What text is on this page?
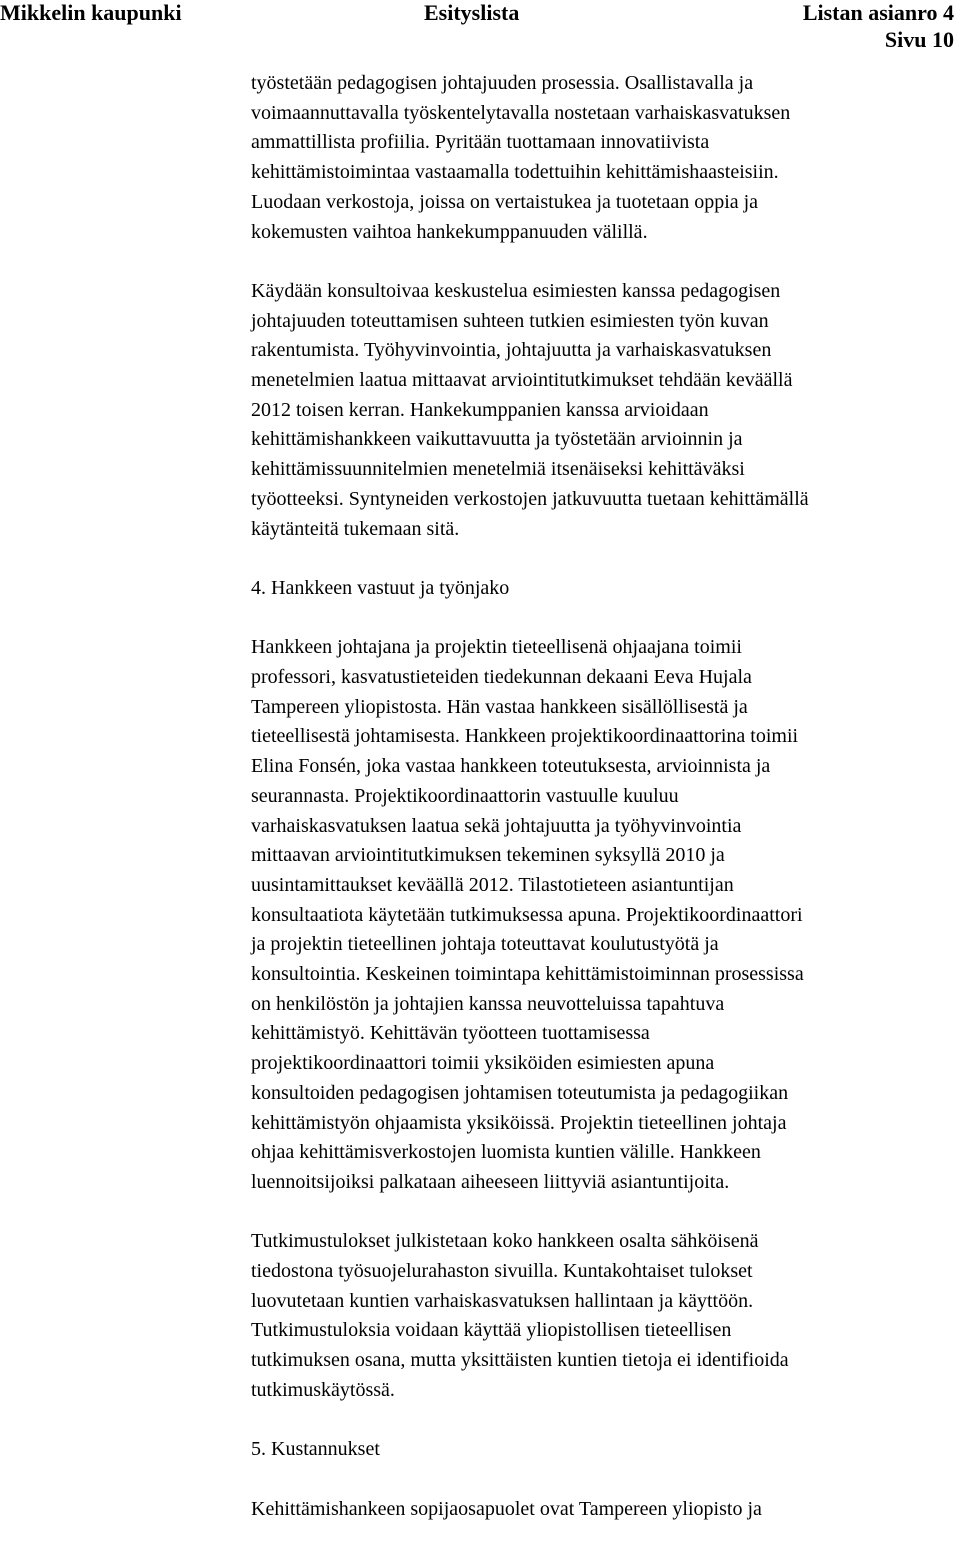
Mikkelin kaupunki	Esityslista	Listan asianro 4
Sivu 10
työstetään pedagogisen johtajuuden prosessia. Osallistavalla ja
voimaannuttavalla työskentelytavalla nostetaan varhaiskasvatuksen
ammattillista profiilia. Pyritään tuottamaan innovatiivista
kehittämistoimintaa vastaamalla todettuihin kehittämishaasteisiin.
Luodaan verkostoja, joissa on vertaistukea ja tuotetaan oppia ja
kokemusten vaihtoa hankekumppanuuden välillä.
Käydään konsultoivaa keskustelua esimiesten kanssa pedagogisen
johtajuuden toteuttamisen suhteen tutkien esimiesten työn kuvan
rakentumista. Työhyvinvointia, johtajuutta ja varhaiskasvatuksen
menetelmien laatua mittaavat arviointitutkimukset tehdään keväällä
2012 toisen kerran. Hankekumppanien kanssa arvioidaan
kehittämishankkeen vaikuttavuutta ja työstetään arvioinnin ja
kehittämissuunnitelmien menetelmiä itsenäiseksi kehittäväksi
työotteeksi. Syntyneiden verkostojen jatkuvuutta tuetaan kehittämällä
käytänteitä tukemaan sitä.
4. Hankkeen vastuut ja työnjako
Hankkeen johtajana ja projektin tieteellisenä ohjaajana toimii
professori, kasvatustieteiden tiedekunnan dekaani Eeva Hujala
Tampereen yliopistosta. Hän vastaa hankkeen sisällöllisestä ja
tieteellisestä johtamisesta. Hankkeen projektikoordinaattorina toimii
Elina Fonsén, joka vastaa hankkeen toteutuksesta, arvioinnista ja
seurannasta. Projektikoordinaattorin vastuulle kuuluu
varhaiskasvatuksen laatua sekä johtajuutta ja työhyvinvointia
mittaavan arviointitutkimuksen tekeminen syksyllä 2010 ja
uusintamittaukset keväällä 2012. Tilastotieteen asiantuntijan
konsultaatiota käytetään tutkimuksessa apuna. Projektikoordinaattori
ja projektin tieteellinen johtaja toteuttavat koulutustyötä ja
konsultointia. Keskeinen toimintapa kehittämistoiminnan prosessissa
on henkilöstön ja johtajien kanssa neuvotteluissa tapahtuva
kehittämistyö. Kehittävän työotteen tuottamisessa
projektikoordinaattori toimii yksiköiden esimiesten apuna
konsultoiden pedagogisen johtamisen toteutumista ja pedagogiikan
kehittämistyön ohjaamista yksiköissä. Projektin tieteellinen johtaja
ohjaa kehittämisverkostojen luomista kuntien välille. Hankkeen
luennoitsijoiksi palkataan aiheeseen liittyviä asiantuntijoita.
Tutkimustulokset julkistetaan koko hankkeen osalta sähköisenä
tiedostona työsuojelurahaston sivuilla. Kuntakohtaiset tulokset
luovutetaan kuntien varhaiskasvatuksen hallintaan ja käyttöön.
Tutkimustuloksia voidaan käyttää yliopistollisen tieteellisen
tutkimuksen osana, mutta yksittäisten kuntien tietoja ei identifioida
tutkimuskäytössä.
5. Kustannukset
Kehittämishankeen sopijaosapuolet ovat Tampereen yliopisto ja
